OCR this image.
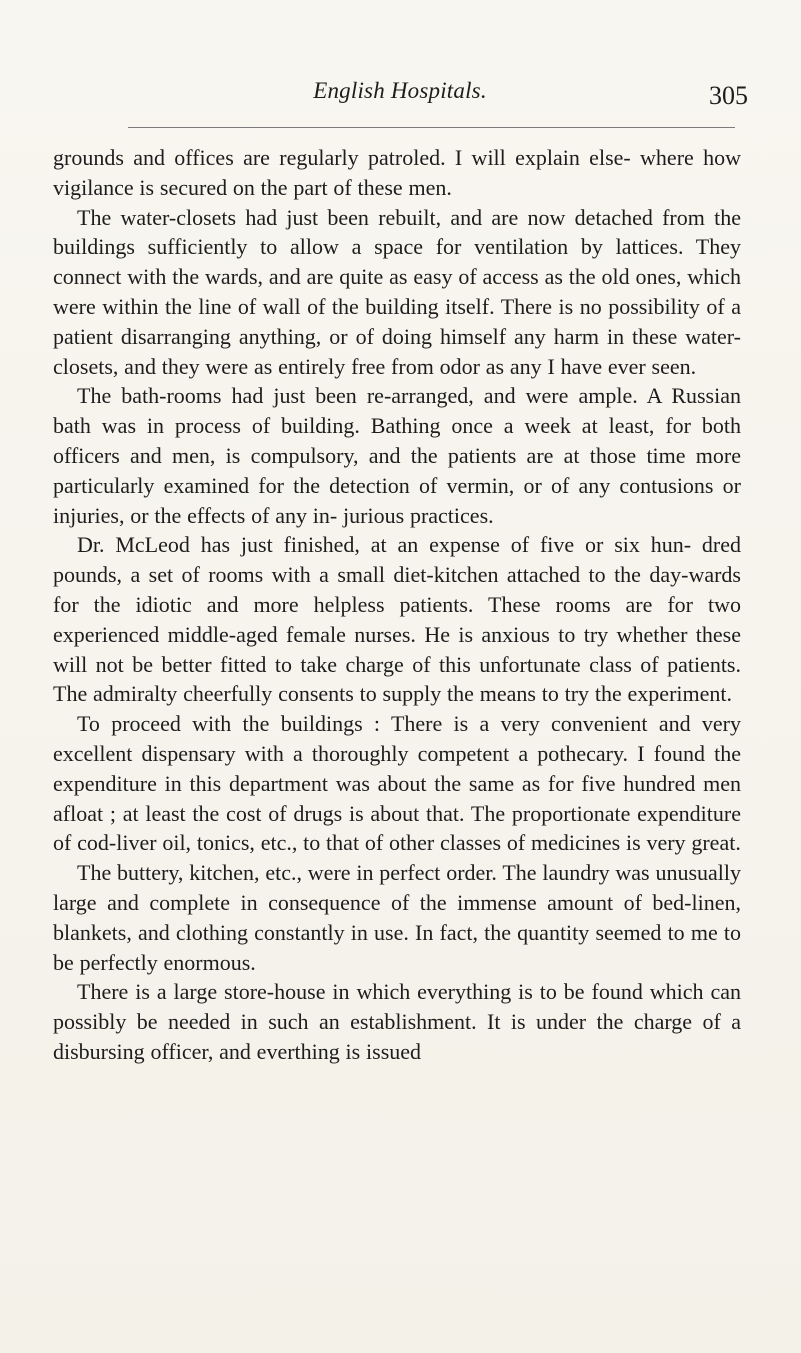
English Hospitals.	305

grounds and offices are regularly patroled. I will explain else- where how vigilance is secured on the part of these men.

The water-closets had just been rebuilt, and are now detached from the buildings sufficiently to allow a space for ventilation by lattices. They connect with the wards, and are quite as easy of access as the old ones, which were within the line of wall of the building itself. There is no possibility of a patient disarranging anything, or of doing himself any harm in these water-closets, and they were as entirely free from odor as any I have ever seen.

The bath-rooms had just been re-arranged, and were ample. A Russian bath was in process of building. Bathing once a week at least, for both officers and men, is compulsory, and the patients are at those time more particularly examined for the detection of vermin, or of any contusions or injuries, or the effects of any in- jurious practices.

Dr. McLeod has just finished, at an expense of five or six hun- dred pounds, a set of rooms with a small diet-kitchen attached to the day-wards for the idiotic and more helpless patients. These rooms are for two experienced middle-aged female nurses. He is anxious to try whether these will not be better fitted to take charge of this unfortunate class of patients. The admiralty cheerfully consents to supply the means to try the experiment.

To proceed with the buildings : There is a very convenient and very excellent dispensary with a thoroughly competent a pothecary. I found the expenditure in this department was about the same as for five hundred men afloat ; at least the cost of drugs is about that. The proportionate expenditure of cod-liver oil, tonics, etc., to that of other classes of medicines is very great.

The buttery, kitchen, etc., were in perfect order. The laundry was unusually large and complete in consequence of the immense amount of bed-linen, blankets, and clothing constantly in use. In fact, the quantity seemed to me to be perfectly enormous.

There is a large store-house in which everything is to be found which can possibly be needed in such an establishment. It is under the charge of a disbursing officer, and everthing is issued
